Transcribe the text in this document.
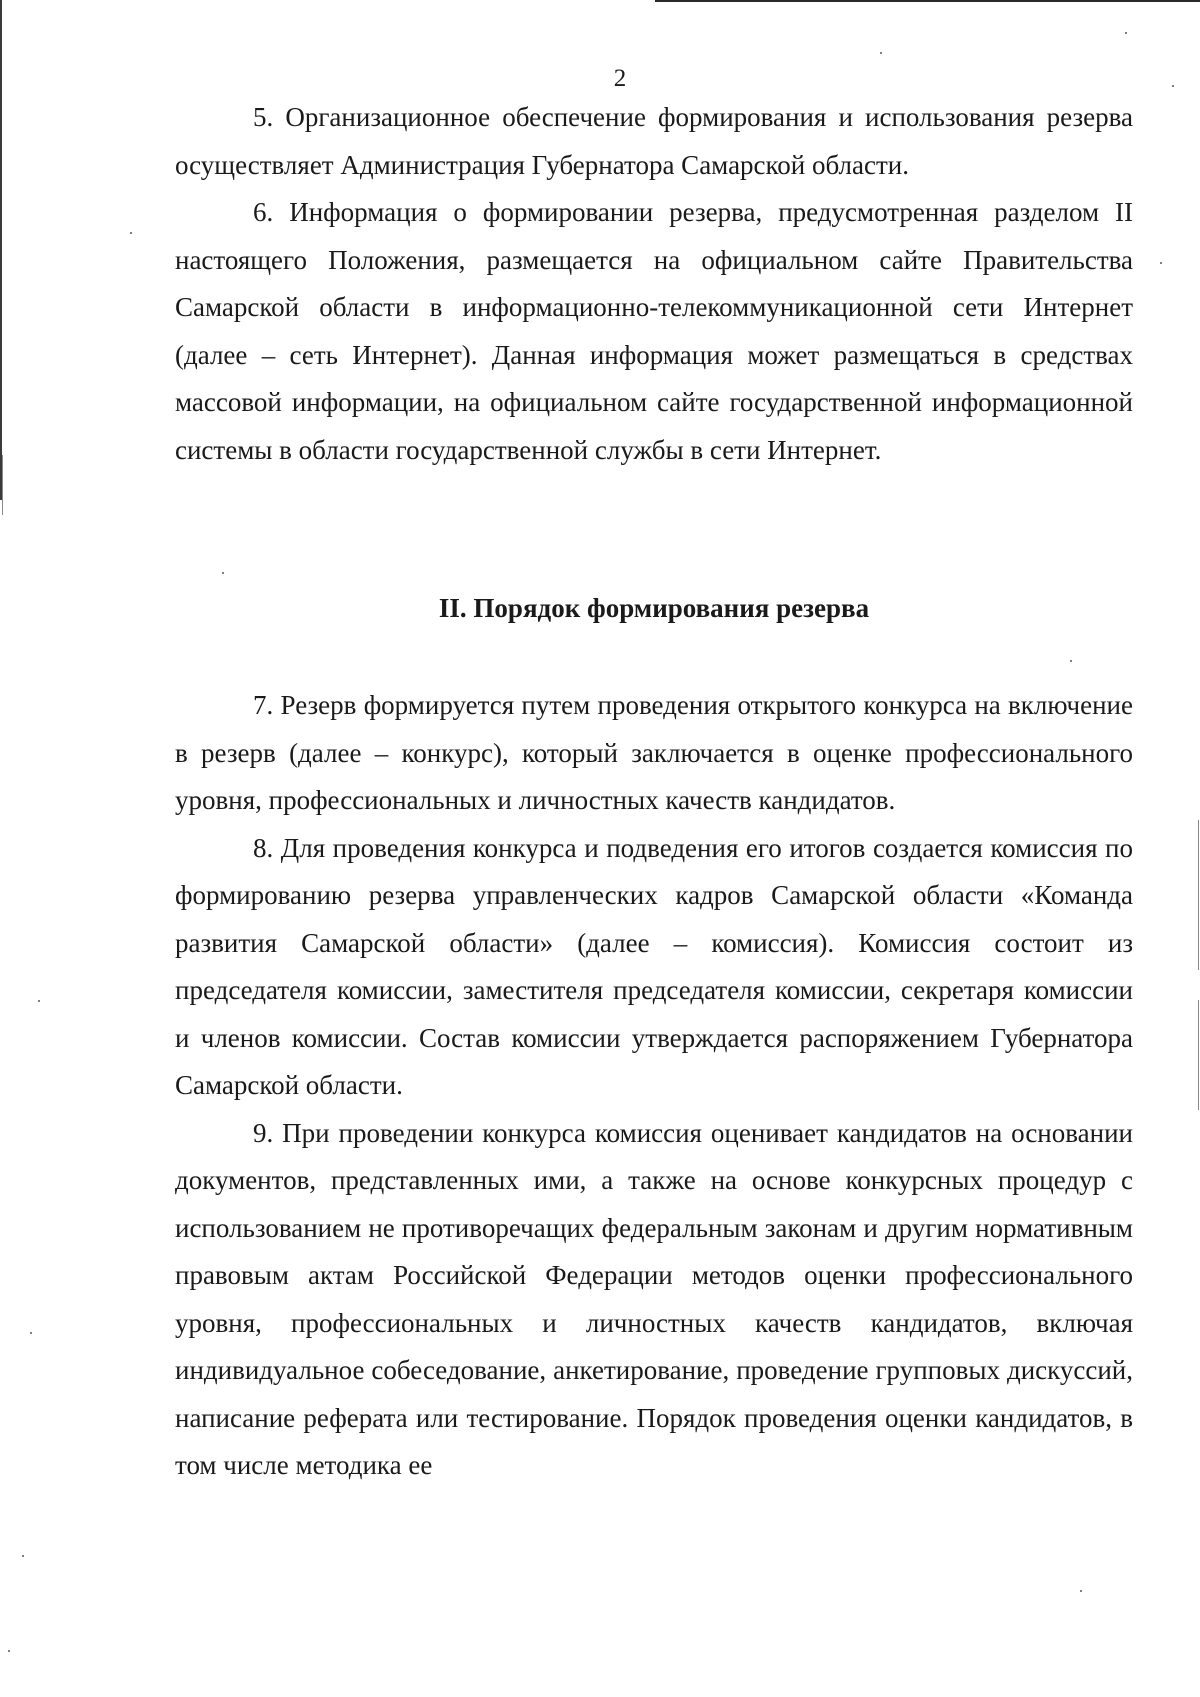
2

5. Организационное обеспечение формирования и использования резерва осуществляет Администрация Губернатора Самарской области.

6. Информация о формировании резерва, предусмотренная разделом II настоящего Положения, размещается на официальном сайте Правительства Самарской области в информационно-телекоммуникационной сети Интернет (далее – сеть Интернет). Данная информация может размещаться в средствах массовой информации, на официальном сайте государственной информационной системы в области государственной службы в сети Интернет.

II. Порядок формирования резерва

7. Резерв формируется путем проведения открытого конкурса на включение в резерв (далее – конкурс), который заключается в оценке профессионального уровня, профессиональных и личностных качеств кандидатов.

8. Для проведения конкурса и подведения его итогов создается комиссия по формированию резерва управленческих кадров Самарской области «Команда развития Самарской области» (далее – комиссия). Комиссия состоит из председателя комиссии, заместителя председателя комиссии, секретаря комиссии и членов комиссии. Состав комиссии утверждается распоряжением Губернатора Самарской области.

9. При проведении конкурса комиссия оценивает кандидатов на основании документов, представленных ими, а также на основе конкурсных процедур с использованием не противоречащих федеральным законам и другим нормативным правовым актам Российской Федерации методов оценки профессионального уровня, профессиональных и личностных качеств кандидатов, включая индивидуальное собеседование, анкетирование, проведение групповых дискуссий, написание реферата или тестирование. Порядок проведения оценки кандидатов, в том числе методика ее
